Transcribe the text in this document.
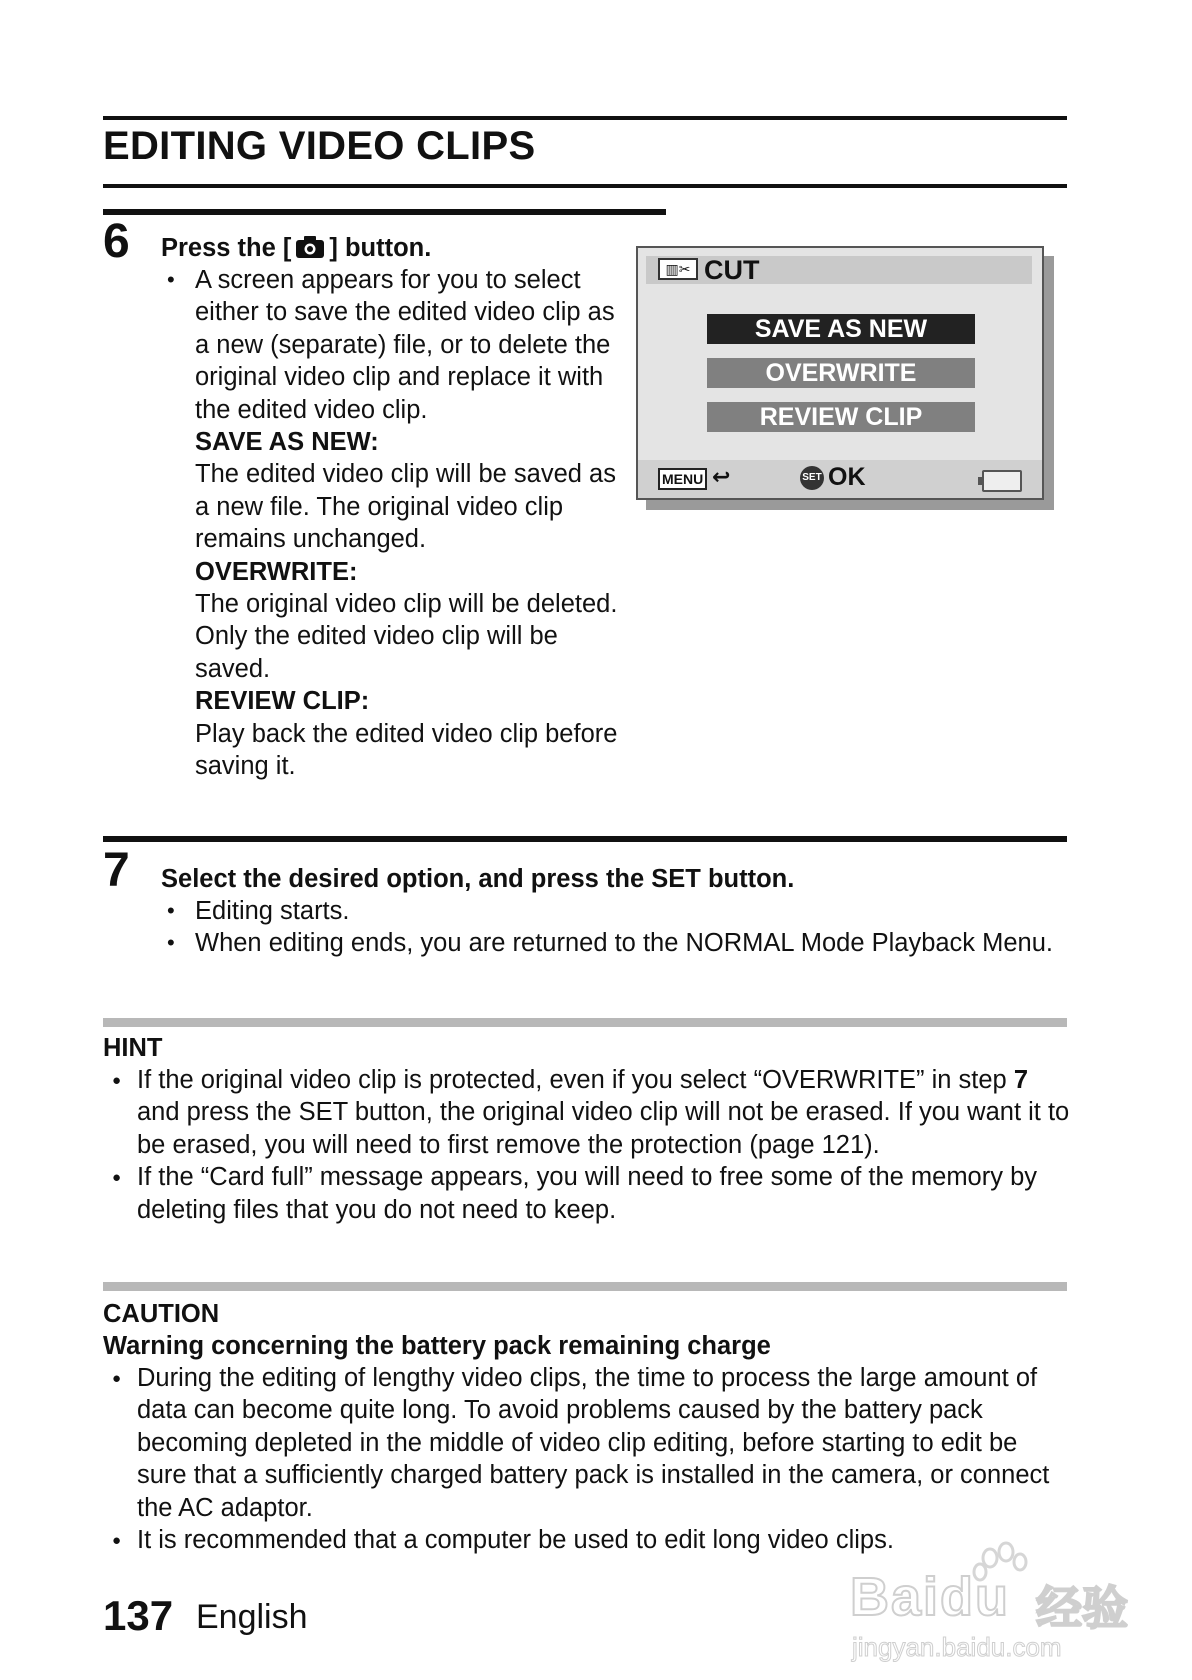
EDITING VIDEO CLIPS
6 Press the [ ] button.

• A screen appears for you to select either to save the edited video clip as a new (separate) file, or to delete the original video clip and replace it with the edited video clip.

SAVE AS NEW:

The edited video clip will be saved as a new file. The original video clip remains unchanged.

OVERWRITE:

The original video clip will be deleted. Only the edited video clip will be saved.

REVIEW CLIP:

Play back the edited video clip before saving it.

▥✂ CUT
SAVE AS NEW
OVERWRITE
REVIEW CLIP
MENU ↩	SET OK
7 Select the desired option, and press the SET button.

• Editing starts.

• When editing ends, you are returned to the NORMAL Mode Playback Menu.

HINT

● If the original video clip is protected, even if you select “OVERWRITE” in step 7 and press the SET button, the original video clip will not be erased. If you want it to be erased, you will need to first remove the protection (page 121).

● If the “Card full” message appears, you will need to free some of the memory by deleting files that you do not need to keep.

CAUTION
Warning concerning the battery pack remaining charge

● During the editing of lengthy video clips, the time to process the large amount of data can become quite long. To avoid problems caused by the battery pack becoming depleted in the middle of video clip editing, before starting to edit be sure that a sufficiently charged battery pack is installed in the camera, or connect the AC adaptor.

● It is recommended that a computer be used to edit long video clips.

137 English	Baidu 经验
jingyan.baidu.com
